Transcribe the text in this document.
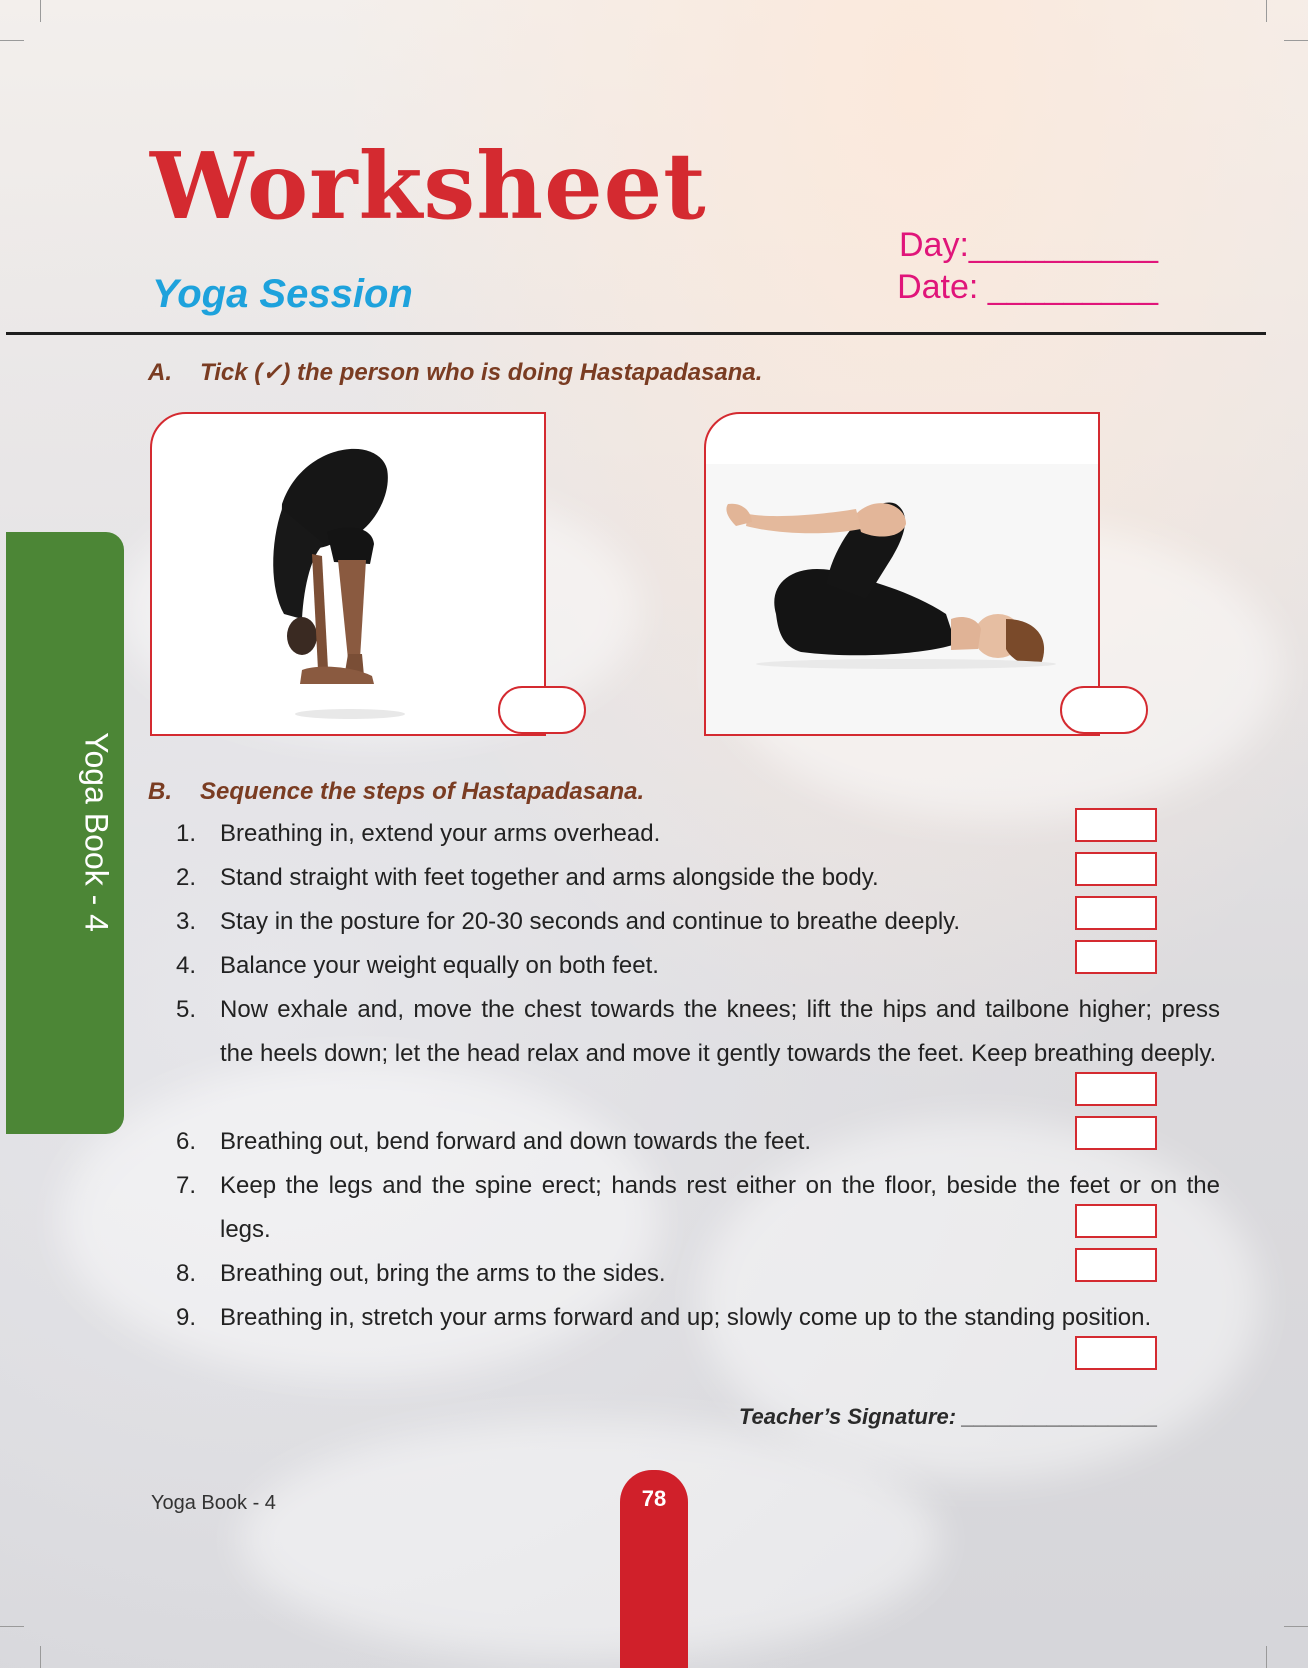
Worksheet
Yoga Session
Day:__________
Date: _________
A. Tick (✓) the person who is doing Hastapadasana.
Yoga Book - 4 B. Sequence the steps of Hastapadasana.
1. Breathing in, extend your arms overhead.
2. Stand straight with feet together and arms alongside the body.
3. Stay in the posture for 20-30 seconds and continue to breathe deeply.
4. Balance your weight equally on both feet.
5. Now exhale and, move the chest towards the knees; lift the hips and tailbone higher; press the heels down; let the head relax and move it gently towards the feet. Keep breathing deeply.
6. Breathing out, bend forward and down towards the feet.
7. Keep the legs and the spine erect; hands rest either on the floor, beside the feet or on the legs.
8. Breathing out, bring the arms to the sides.
9. Breathing in, stretch your arms forward and up; slowly come up to the standing position.
Teacher’s Signature: ________________
Yoga Book - 4	78
